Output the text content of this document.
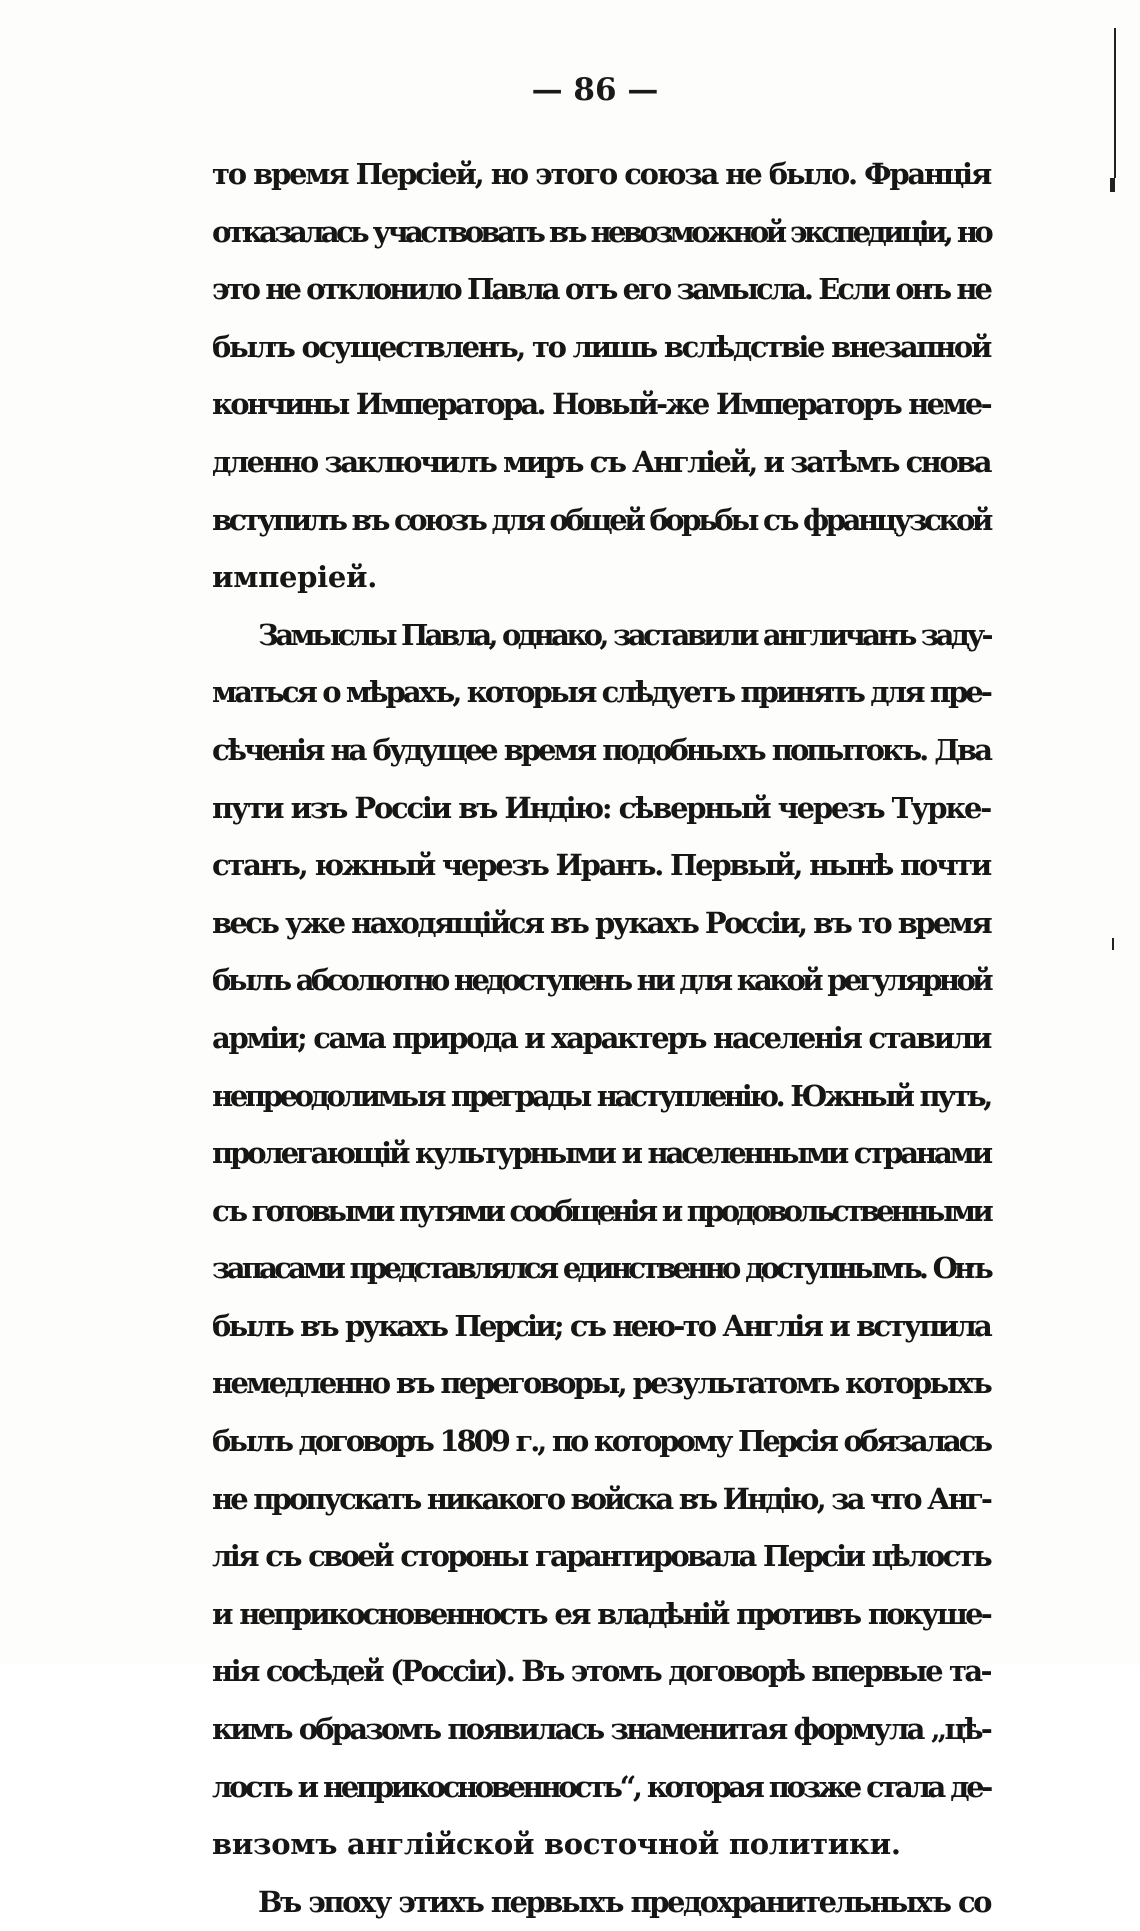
— 86 —
то время Персіей, но этого союза не было. Франція
отказалась участвовать въ невозможной экспедиціи, но
это не отклонило Павла отъ его замысла. Если онъ не
былъ осуществленъ, то лишь вслѣдствіе внезапной
кончины Императора. Новый-же Императоръ неме-
дленно заключилъ миръ съ Англіей, и затѣмъ снова
вступилъ въ союзъ для общей борьбы съ французской
имперіей.
Замыслы Павла, однако, заставили англичанъ заду-
маться о мѣрахъ, которыя слѣдуетъ принять для пре-
сѣченія на будущее время подобныхъ попытокъ. Два
пути изъ Россіи въ Индію: сѣверный черезъ Турке-
станъ, южный черезъ Иранъ. Первый, нынѣ почти
весь уже находящійся въ рукахъ Россіи, въ то время
былъ абсолютно недоступенъ ни для какой регулярной
арміи; сама природа и характеръ населенія ставили
непреодолимыя преграды наступленію. Южный путь,
пролегающій культурными и населенными странами
съ готовыми путями сообщенія и продовольственными
запасами представлялся единственно доступнымъ. Онъ
былъ въ рукахъ Персіи; съ нею-то Англія и вступила
немедленно въ переговоры, результатомъ которыхъ
былъ договоръ 1809 г., по которому Персія обязалась
не пропускать никакого войска въ Индію, за что Анг-
лія съ своей стороны гарантировала Персіи цѣлость
и неприкосновенность ея владѣній противъ покуше-
нія сосѣдей (Россіи). Въ этомъ договорѣ впервые та-
кимъ образомъ появилась знаменитая формула „цѣ-
лость и неприкосновенность“, которая позже стала де-
визомъ англійской восточной политики.
Въ эпоху этихъ первыхъ предохранительныхъ со
